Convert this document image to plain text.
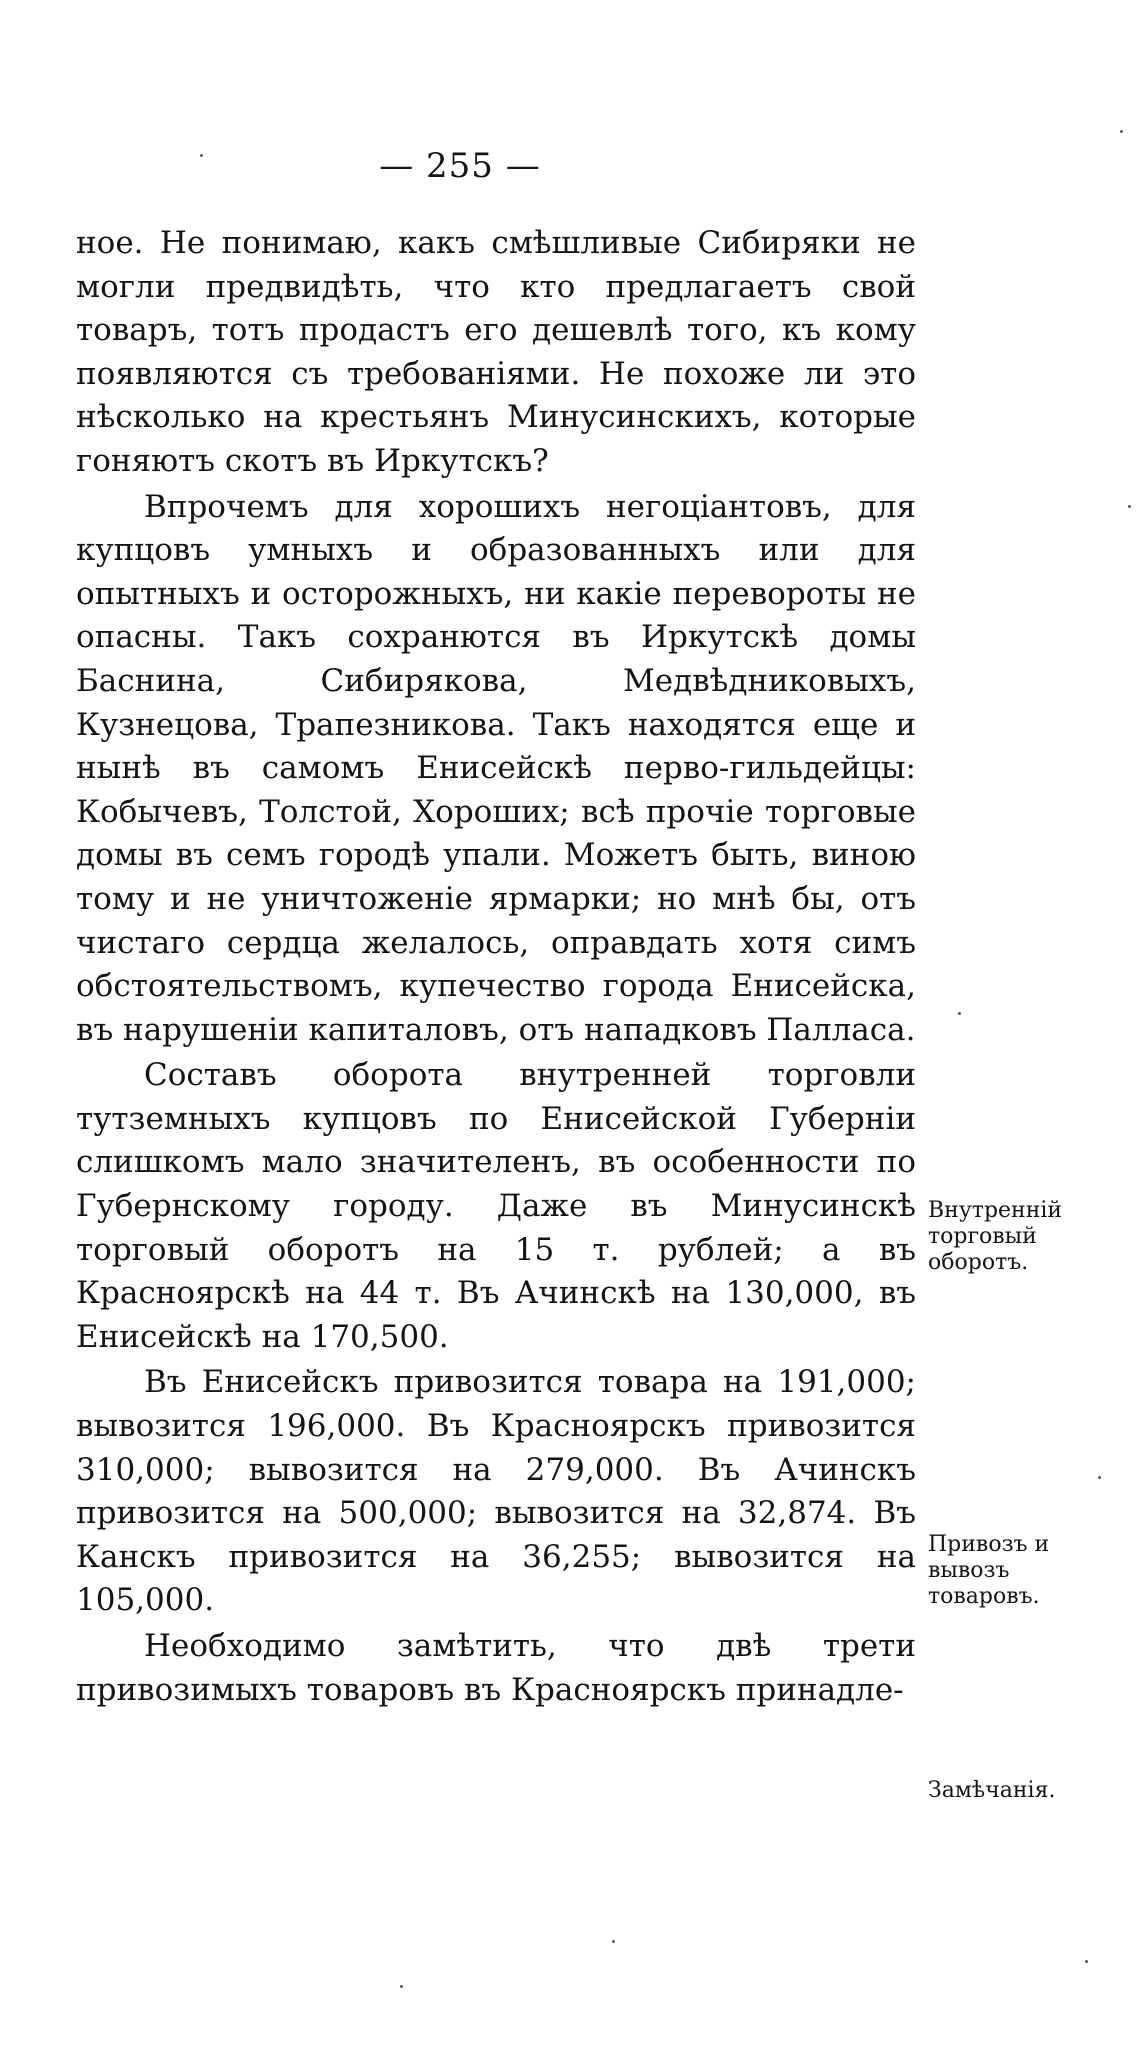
— 255 —

ное. Не понимаю, какъ смѣшливые Сибиряки не могли предвидѣть, что кто предлагаетъ свой товаръ, тотъ продастъ его дешевлѣ того, къ кому появляются съ требованіями. Не похоже ли это нѣсколько на крестьянъ Минусинскихъ, которые гоняютъ скотъ въ Иркутскъ?

Впрочемъ для хорошихъ негоціантовъ, для купцовъ умныхъ и образованныхъ или для опытныхъ и осторожныхъ, ни какіе перевороты не опасны. Такъ сохранются въ Иркутскѣ домы Баснина, Сибирякова, Медвѣдниковыхъ, Кузнецова, Трапезникова. Такъ находятся еще и нынѣ въ самомъ Енисейскѣ перво-гильдейцы: Кобычевъ, Толстой, Хороших; всѣ прочіе торговые домы въ семъ городѣ упали. Можетъ быть, виною тому и не уничтоженіе ярмарки; но мнѣ бы, отъ чистаго сердца желалось, оправдать хотя симъ обстоятельствомъ, купечество города Енисейска, въ нарушеніи капиталовъ, отъ нападковъ Палласа.

Составъ оборота внутренней торговли тутземныхъ купцовъ по Енисейской Губерніи слишкомъ мало значителенъ, въ особенности по Губернскому городу. Даже въ Минусинскѣ торговый оборотъ на 15 т. рублей; а въ Красноярскѣ на 44 т. Въ Ачинскѣ на 130,000, въ Енисейскѣ на 170,500.

Въ Енисейскъ привозится товара на 191,000; вывозится 196,000. Въ Красноярскъ привозится 310,000; вывозится на 279,000. Въ Ачинскъ привозится на 500,000; вывозится на 32,874. Въ Канскъ привозится на 36,255; вывозится на 105,000.

Необходимо замѣтить, что двѣ трети привозимыхъ товаровъ въ Красноярскъ принадле-

Внутренній торговый оборотъ.
Привозъ и вывозъ товаровъ.
Замѣчанія.
